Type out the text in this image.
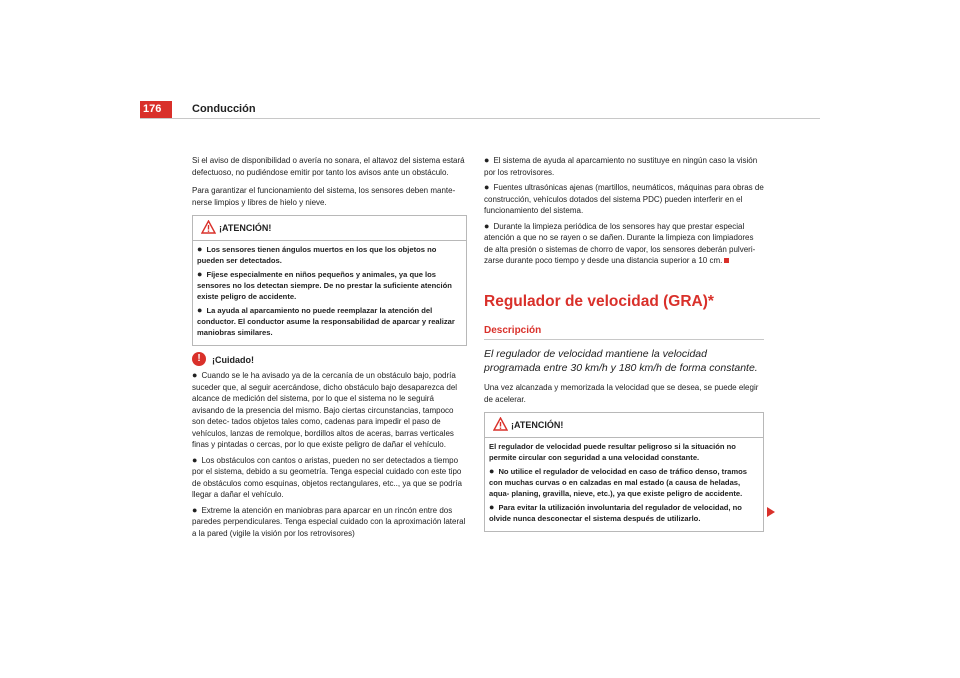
176	Conducción

Si el aviso de disponibilidad o avería no sonara, el altavoz del sistema estará defectuoso, no pudiéndose emitir por tanto los avisos ante un obstáculo.

Para garantizar el funcionamiento del sistema, los sensores deben mante- nerse limpios y libres de hielo y nieve.

¡ATENCIÓN!
● Los sensores tienen ángulos muertos en los que los objetos no pueden ser detectados.
● Fíjese especialmente en niños pequeños y animales, ya que los sensores no los detectan siempre. De no prestar la suficiente atención existe peligro de accidente.
● La ayuda al aparcamiento no puede reemplazar la atención del conductor. El conductor asume la responsabilidad de aparcar y realizar maniobras similares.
!	¡Cuidado!
● Cuando se le ha avisado ya de la cercanía de un obstáculo bajo, podría suceder que, al seguir acercándose, dicho obstáculo bajo desaparezca del alcance de medición del sistema, por lo que el sistema no le seguirá avisando de la presencia del mismo. Bajo ciertas circunstancias, tampoco son detec- tados objetos tales como, cadenas para impedir el paso de vehículos, lanzas de remolque, bordillos altos de aceras, barras verticales finas y pintadas o cercas, por lo que existe peligro de dañar el vehículo.
● Los obstáculos con cantos o aristas, pueden no ser detectados a tiempo por el sistema, debido a su geometría. Tenga especial cuidado con este tipo de obstáculos como esquinas, objetos rectangulares, etc.., ya que se podría llegar a dañar el vehículo.
● Extreme la atención en maniobras para aparcar en un rincón entre dos paredes perpendiculares. Tenga especial cuidado con la aproximación lateral a la pared (vigile la visión por los retrovisores)
● El sistema de ayuda al aparcamiento no sustituye en ningún caso la visión por los retrovisores.
● Fuentes ultrasónicas ajenas (martillos, neumáticos, máquinas para obras de construcción, vehículos dotados del sistema PDC) pueden interferir en el funcionamiento del sistema.
● Durante la limpieza periódica de los sensores hay que prestar especial atención a que no se rayen o se dañen. Durante la limpieza con limpiadores de alta presión o sistemas de chorro de vapor, los sensores deberán pulveri- zarse durante poco tiempo y desde una distancia superior a 10 cm.
Regulador de velocidad (GRA)*
Descripción

El regulador de velocidad mantiene la velocidad programada entre 30 km/h y 180 km/h de forma constante.

Una vez alcanzada y memorizada la velocidad que se desea, se puede elegir de acelerar.

¡ATENCIÓN!

El regulador de velocidad puede resultar peligroso si la situación no permite circular con seguridad a una velocidad constante.

● No utilice el regulador de velocidad en caso de tráfico denso, tramos con muchas curvas o en calzadas en mal estado (a causa de heladas, aqua- planing, gravilla, nieve, etc.), ya que existe peligro de accidente.
● Para evitar la utilización involuntaria del regulador de velocidad, no olvide nunca desconectar el sistema después de utilizarlo.
